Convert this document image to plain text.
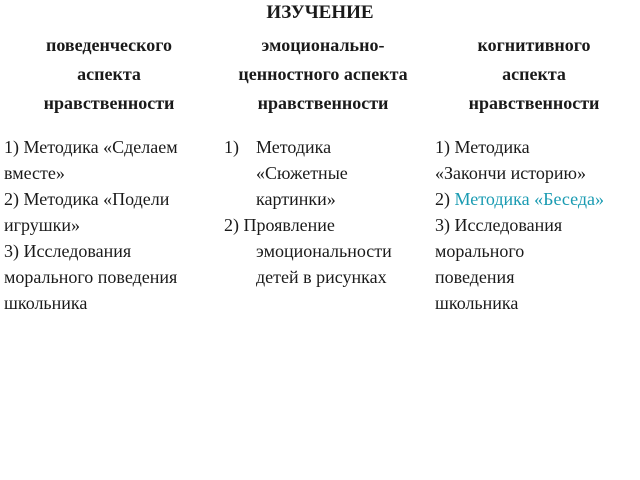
ИЗУЧЕНИЕ
поведенческого
аспекта
нравственности
эмоционально-
ценностного аспекта
нравственности
когнитивного
аспекта
нравственности
1) Методика «Сделаем
вместе»
2) Методика «Подели
игрушки»
3) Исследования
морального поведения
школьника
1) Методика
«Сюжетные
картинки»
2) Проявление
эмоциональности
детей в рисунках
1) Методика
«Закончи историю»
2) Методика «Беседа»
3) Исследования
морального
поведения
школьника
